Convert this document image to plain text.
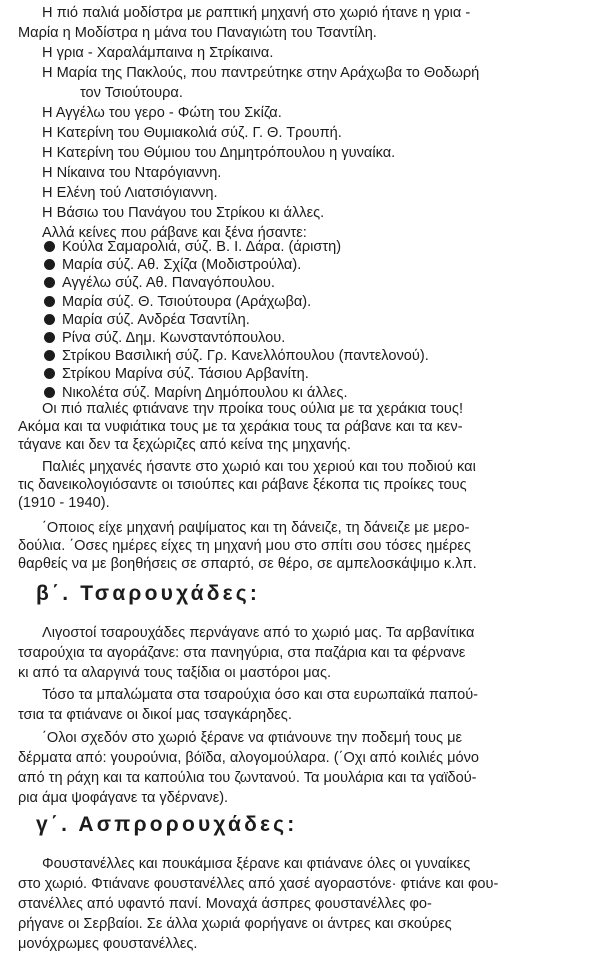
Η πιό παλιά μοδίστρα με ραπτική μηχανή στο χωριό ήτανε η γρια -
Μαρία η Μοδίστρα η μάνα του Παναγιώτη του Τσαντίλη.
Η γρια - Χαραλάμπαινα η Στρίκαινα.
Η Μαρία της Πακλούς, που παντρεύτηκε στην Αράχωβα το Θοδωρή
τον Τσιούτουρα.
Η Αγγέλω του γερο - Φώτη του Σκίζα.
Η Κατερίνη του Θυμιακολιά σύζ. Γ. Θ. Τρουπή.
Η Κατερίνη του Θύμιου του Δημητρόπουλου η γυναίκα.
Η Νίκαινα του Νταρόγιαννη.
Η Ελένη τού Λιατσιόγιαννη.
Η Βάσιω του Πανάγου του Στρίκου κι άλλες.
Αλλά κείνες που ράβανε και ξένα ήσαντε:
Κούλα Σαμαρολιά, σύζ. Β. Ι. Δάρα. (άριστη)
Μαρία σύζ. Αθ. Σχίζα (Μοδιστρούλα).
Αγγέλω σύζ. Αθ. Παναγόπουλου.
Μαρία σύζ. Θ. Τσιούτουρα (Αράχωβα).
Μαρία σύζ. Ανδρέα Τσαντίλη.
Ρίνα σύζ. Δημ. Κωνσταντόπουλου.
Στρίκου Βασιλική σύζ. Γρ. Κανελλόπουλου (παντελονού).
Στρίκου Μαρίνα σύζ. Τάσιου Αρβανίτη.
Νικολέτα σύζ. Μαρίνη Δημόπουλου κι άλλες.
Οι πιό παλιές φτιάνανε την προίκα τους ούλια με τα χεράκια τους!
Ακόμα και τα νυφιάτικα τους με τα χεράκια τους τα ράβανε και τα κεν-
τάγανε και δεν τα ξεχώριζες από κείνα της μηχανής.
Παλιές μηχανές ήσαντε στο χωριό και του χεριού και του ποδιού και
τις δανεικολογιόσαντε οι τσιούπες και ράβανε ξέκοπα τις προίκες τους
(1910 - 1940).
΄Οποιος είχε μηχανή ραψίματος και τη δάνειζε, τη δάνειζε με μερο-
δούλια. ΄Οσες ημέρες είχες τη μηχανή μου στο σπίτι σου τόσες ημέρες
θαρθείς να με βοηθήσεις σε σπαρτό, σε θέρο, σε αμπελοσκάψιμο κ.λπ.
β΄. Τσαρουχάδες:
Λιγοστοί τσαρουχάδες περνάγανε από το χωριό μας. Τα αρβανίτικα
τσαρούχια τα αγοράζανε: στα πανηγύρια, στα παζάρια και τα φέρνανε
κι από τα αλαργινά τους ταξίδια οι μαστόροι μας.
Τόσο τα μπαλώματα στα τσαρούχια όσο και στα ευρωπαϊκά παπού-
τσια τα φτιάνανε οι δικοί μας τσαγκάρηδες.
΄Ολοι σχεδόν στο χωριό ξέρανε να φτιάνουνε την ποδεμή τους με
δέρματα από: γουρούνια, βόϊδα, αλογομούλαρα. (΄Οχι από κοιλιές μόνο
από τη ράχη και τα καπούλια του ζωντανού. Τα μουλάρια και τα γαϊδού-
ρια άμα ψοφάγανε τα γδέρνανε).
γ΄. Ασπρορουχάδες:
Φουστανέλλες και πουκάμισα ξέρανε και φτιάνανε όλες οι γυναίκες
στο χωριό. Φτιάνανε φουστανέλλες από χασέ αγοραστόνε· φτιάνε και φου-
στανέλλες από υφαντό πανί. Μοναχά άσπρες φουστανέλλες φο-
ρήγανε οι Σερβαίοι. Σε άλλα χωριά φορήγανε οι άντρες και σκούρες
μονόχρωμες φουστανέλλες.
